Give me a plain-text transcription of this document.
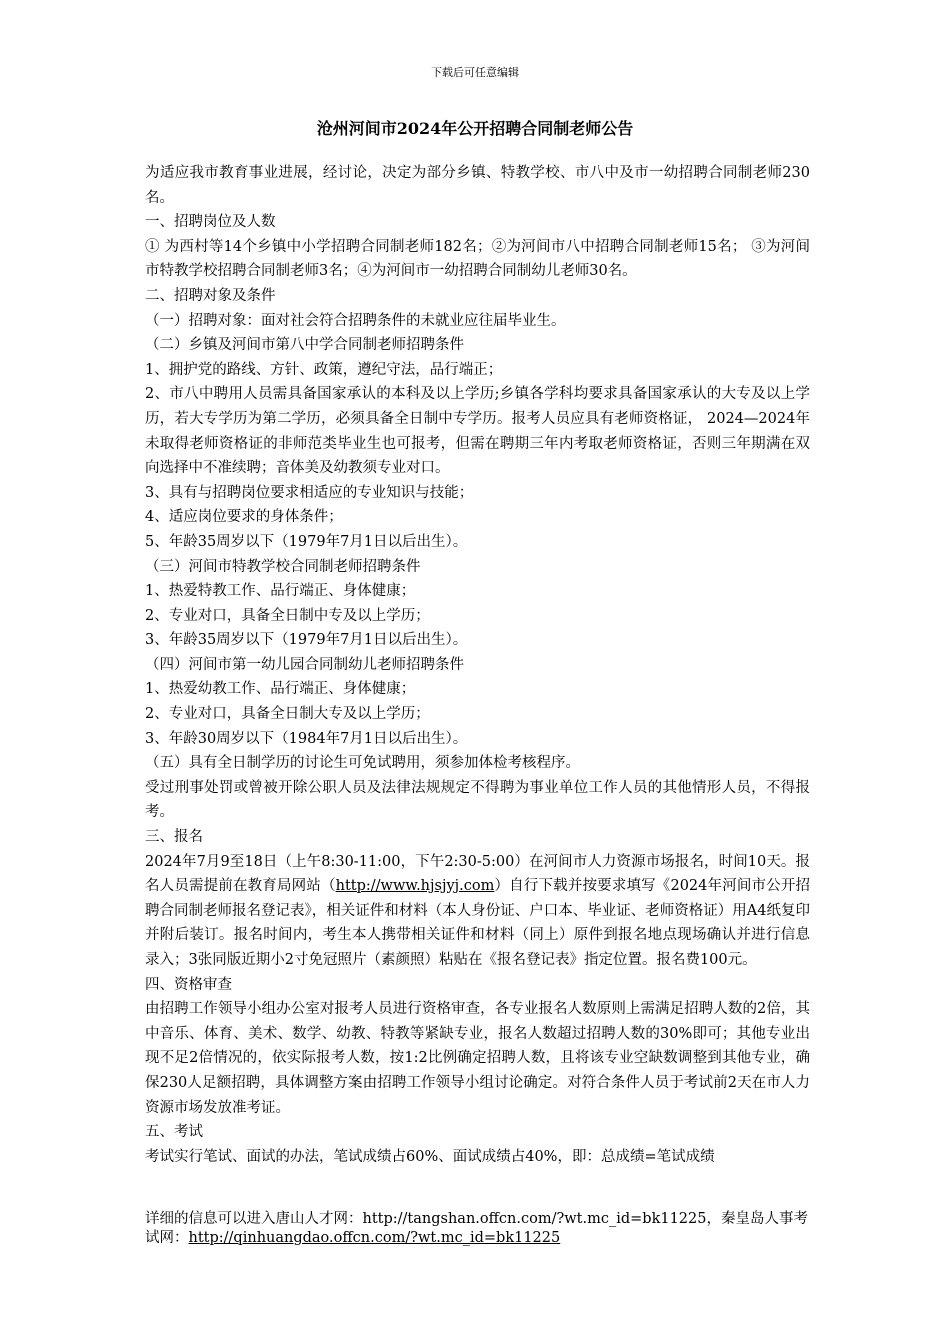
下载后可任意编辑
沧州河间市2024年公开招聘合同制老师公告

为适应我市教育事业进展，经讨论，决定为部分乡镇、特教学校、市八中及市一幼招聘合同制老师230名。

一、招聘岗位及人数

① 为西村等14个乡镇中小学招聘合同制老师182名；②为河间市八中招聘合同制老师15名； ③为河间市特教学校招聘合同制老师3名；④为河间市一幼招聘合同制幼儿老师30名。

二、招聘对象及条件

（一）招聘对象：面对社会符合招聘条件的未就业应往届毕业生。

（二）乡镇及河间市第八中学合同制老师招聘条件

1、拥护党的路线、方针、政策，遵纪守法，品行端正；

2、市八中聘用人员需具备国家承认的本科及以上学历;乡镇各学科均要求具备国家承认的大专及以上学历，若大专学历为第二学历，必须具备全日制中专学历。报考人员应具有老师资格证， 2024—2024年未取得老师资格证的非师范类毕业生也可报考，但需在聘期三年内考取老师资格证，否则三年期满在双向选择中不准续聘；音体美及幼教须专业对口。

3、具有与招聘岗位要求相适应的专业知识与技能；

4、适应岗位要求的身体条件；

5、年龄35周岁以下（1979年7月1日以后出生）。

（三）河间市特教学校合同制老师招聘条件

1、热爱特教工作、品行端正、身体健康；

2、专业对口，具备全日制中专及以上学历；

3、年龄35周岁以下（1979年7月1日以后出生）。

（四）河间市第一幼儿园合同制幼儿老师招聘条件

1、热爱幼教工作、品行端正、身体健康；

2、专业对口，具备全日制大专及以上学历；

3、年龄30周岁以下（1984年7月1日以后出生）。

（五）具有全日制学历的讨论生可免试聘用，须参加体检考核程序。

受过刑事处罚或曾被开除公职人员及法律法规规定不得聘为事业单位工作人员的其他情形人员，不得报考。

三、报名

2024年7月9至18日（上午8:30-11:00，下午2:30-5:00）在河间市人力资源市场报名，时间10天。报名人员需提前在教育局网站（http://www.hjsjyj.com）自行下载并按要求填写《2024年河间市公开招聘合同制老师报名登记表》，相关证件和材料（本人身份证、户口本、毕业证、老师资格证）用A4纸复印并附后装订。报名时间内，考生本人携带相关证件和材料（同上）原件到报名地点现场确认并进行信息录入；3张同版近期小2寸免冠照片（素颜照）粘贴在《报名登记表》指定位置。报名费100元。

四、资格审查

由招聘工作领导小组办公室对报考人员进行资格审查，各专业报名人数原则上需满足招聘人数的2倍，其中音乐、体育、美术、数学、幼教、特教等紧缺专业，报名人数超过招聘人数的30%即可；其他专业出现不足2倍情况的，依实际报考人数，按1:2比例确定招聘人数，且将该专业空缺数调整到其他专业，确保230人足额招聘，具体调整方案由招聘工作领导小组讨论确定。对符合条件人员于考试前2天在市人力资源市场发放准考证。

五、考试

考试实行笔试、面试的办法，笔试成绩占60%、面试成绩占40%，即：总成绩=笔试成绩

详细的信息可以进入唐山人才网：http://tangshan.offcn.com/?wt.mc_id=bk11225，秦皇岛人事考试网：http://qinhuangdao.offcn.com/?wt.mc_id=bk11225
